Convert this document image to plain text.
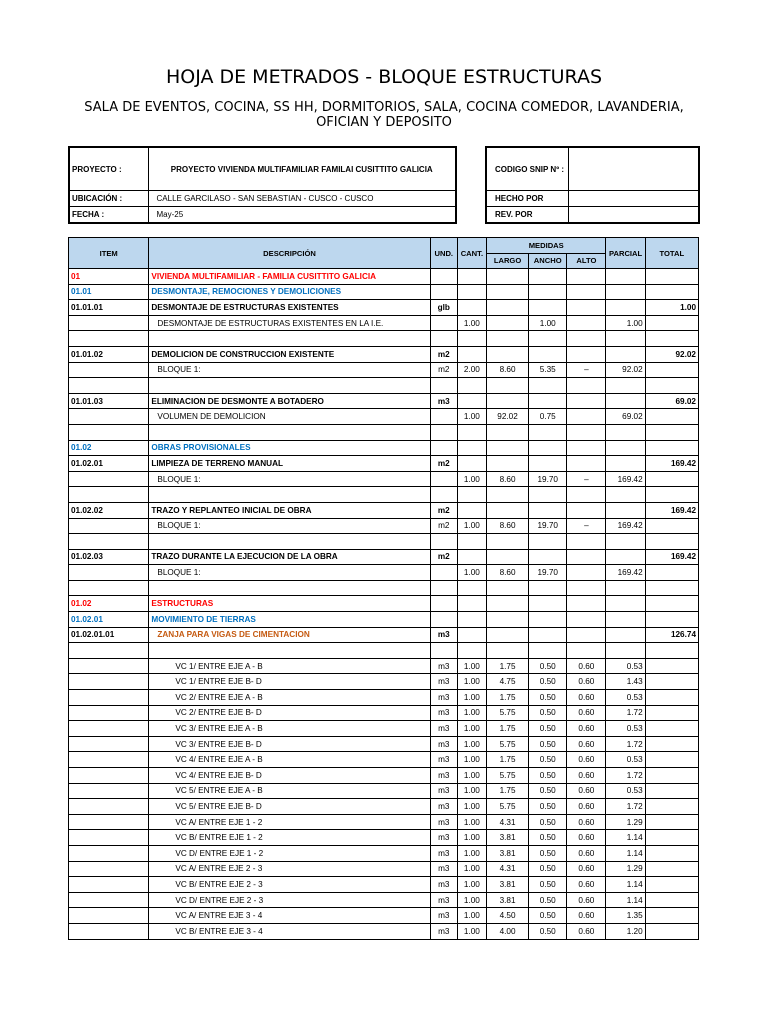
HOJA DE METRADOS - BLOQUE ESTRUCTURAS
SALA DE EVENTOS, COCINA, SS HH, DORMITORIOS, SALA, COCINA COMEDOR, LAVANDERIA, OFICIAN Y DEPOSITO
PROYECTO :	PROYECTO VIVIENDA MULTIFAMILIAR FAMILAI CUSITTITO GALICIA
UBICACIÓN :	CALLE GARCILASO - SAN SEBASTIAN - CUSCO - CUSCO
FECHA :	May-25
CODIGO SNIP Nº :	
HECHO POR	
REV. POR	
ITEM	DESCRIPCIÓN	UND.	CANT.	MEDIDAS			PARCIAL	TOTAL
				LARGO	ANCHO	ALTO		
01	VIVIENDA MULTIFAMILIAR - FAMILIA CUSITTITO GALICIA							
01.01	DESMONTAJE, REMOCIONES Y DEMOLICIONES							
01.01.01	DESMONTAJE DE ESTRUCTURAS EXISTENTES	glb						1.00
	DESMONTAJE DE ESTRUCTURAS EXISTENTES EN LA I.E.		1.00		1.00		1.00	

01.01.02	DEMOLICION DE CONSTRUCCION EXISTENTE	m2						92.02
	BLOQUE 1:	m2	2.00	8.60	5.35	–	92.02	

01.01.03	ELIMINACION DE DESMONTE A BOTADERO	m3						69.02
	VOLUMEN DE DEMOLICION		1.00	92.02	0.75		69.02	

01.02	OBRAS PROVISIONALES							
01.02.01	LIMPIEZA DE TERRENO MANUAL	m2						169.42
	BLOQUE 1:		1.00	8.60	19.70	–	169.42	

01.02.02	TRAZO Y REPLANTEO INICIAL DE OBRA	m2						169.42
	BLOQUE 1:	m2	1.00	8.60	19.70	–	169.42	

01.02.03	TRAZO DURANTE LA EJECUCION DE LA OBRA	m2						169.42
	BLOQUE 1:		1.00	8.60	19.70		169.42	

01.02	ESTRUCTURAS							
01.02.01	MOVIMIENTO DE TIERRAS							
01.02.01.01	ZANJA PARA VIGAS DE CIMENTACION	m3						126.74

	VC 1/ ENTRE EJE A - B	m3	1.00	1.75	0.50	0.60	0.53	
	VC 1/ ENTRE EJE B- D	m3	1.00	4.75	0.50	0.60	1.43	
	VC 2/ ENTRE EJE A - B	m3	1.00	1.75	0.50	0.60	0.53	
	VC 2/ ENTRE EJE B- D	m3	1.00	5.75	0.50	0.60	1.72	
	VC 3/ ENTRE EJE A - B	m3	1.00	1.75	0.50	0.60	0.53	
	VC 3/ ENTRE EJE B- D	m3	1.00	5.75	0.50	0.60	1.72	
	VC 4/ ENTRE EJE A - B	m3	1.00	1.75	0.50	0.60	0.53	
	VC 4/ ENTRE EJE B- D	m3	1.00	5.75	0.50	0.60	1.72	
	VC 5/ ENTRE EJE A - B	m3	1.00	1.75	0.50	0.60	0.53	
	VC 5/ ENTRE EJE B- D	m3	1.00	5.75	0.50	0.60	1.72	
	VC A/ ENTRE EJE 1 - 2	m3	1.00	4.31	0.50	0.60	1.29	
	VC B/ ENTRE EJE 1 - 2	m3	1.00	3.81	0.50	0.60	1.14	
	VC D/ ENTRE EJE 1 - 2	m3	1.00	3.81	0.50	0.60	1.14	
	VC A/ ENTRE EJE 2 - 3	m3	1.00	4.31	0.50	0.60	1.29	
	VC B/ ENTRE EJE 2 - 3	m3	1.00	3.81	0.50	0.60	1.14	
	VC D/ ENTRE EJE 2 - 3	m3	1.00	3.81	0.50	0.60	1.14	
	VC A/ ENTRE EJE 3 - 4	m3	1.00	4.50	0.50	0.60	1.35	
	VC B/ ENTRE EJE 3 - 4	m3	1.00	4.00	0.50	0.60	1.20	
